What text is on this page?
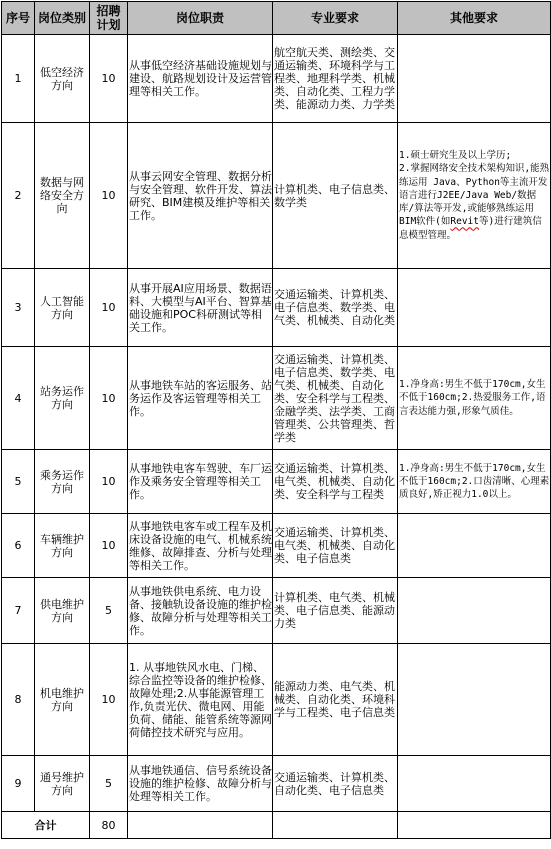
序号	岗位类别	招聘计划	岗位职责	专业要求	其他要求
1	低空经济方向	10	从事低空经济基础设施规划与建设、航路规划设计及运营管理等相关工作。	航空航天类、测绘类、交通运输类、环境科学与工程类、地理科学类、机械类、自动化类、工程力学类、能源动力类、力学类	
2	数据与网络安全方向	10	从事云网安全管理、数据分析与安全管理、软件开发、算法研究、BIM建模及维护等相关工作。	计算机类、电子信息类、数学类	1.硕士研究生及以上学历;
2.掌握网络安全技术架构知识,能熟练运用 Java、Python等主流开发语言进行J2EE/Java Web/数据库/算法等开发,或能够熟练运用BIM软件(如Revit等)进行建筑信息模型管理。
3	人工智能方向	10	从事开展AI应用场景、数据语料、大模型与AI平台、智算基础设施和POC科研测试等相关工作。	交通运输类、计算机类、电子信息类、数学类、电气类、机械类、自动化类	
4	站务运作方向	10	从事地铁车站的客运服务、站务运作及客运管理等相关工作。	交通运输类、计算机类、电子信息类、数学类、电气类、机械类、自动化类、安全科学与工程类、金融学类、法学类、工商管理类、公共管理类、哲学类	1.净身高:男生不低于170cm,女生不低于160cm;2.热爱服务工作,语言表达能力强,形象气质佳。
5	乘务运作方向	10	从事地铁电客车驾驶、车厂运作及乘务安全管理等相关工作。	交通运输类、计算机类、电气类、机械类、自动化类、安全科学与工程类	1.净身高:男生不低于170cm,女生不低于160cm;2.口齿清晰、心理素质良好,矫正视力1.0以上。
6	车辆维护方向	10	从事地铁电客车或工程车及机床设备设施的电气、机械系统维修、故障排查、分析与处理等相关工作。	交通运输类、计算机类、电气类、机械类、自动化类、电子信息类	
7	供电维护方向	5	从事地铁供电系统、电力设备、接触轨设备设施的维护检修、故障分析与处理等相关工作。	计算机类、电气类、机械类、电子信息类、能源动力类	
8	机电维护方向	10	1. 从事地铁风水电、门梯、综合监控等设备的维护检修、故障处理;2.从事能源管理工作,负责光伏、微电网、用能负荷、储能、能管系统等源网荷储控技术研究与应用。	能源动力类、电气类、机械类、自动化类、环境科学与工程类、电子信息类	
9	通号维护方向	5	从事地铁通信、信号系统设备设施的维护检修、故障分析与处理等相关工作。	交通运输类、计算机类、自动化类、电子信息类	
合计		80			
